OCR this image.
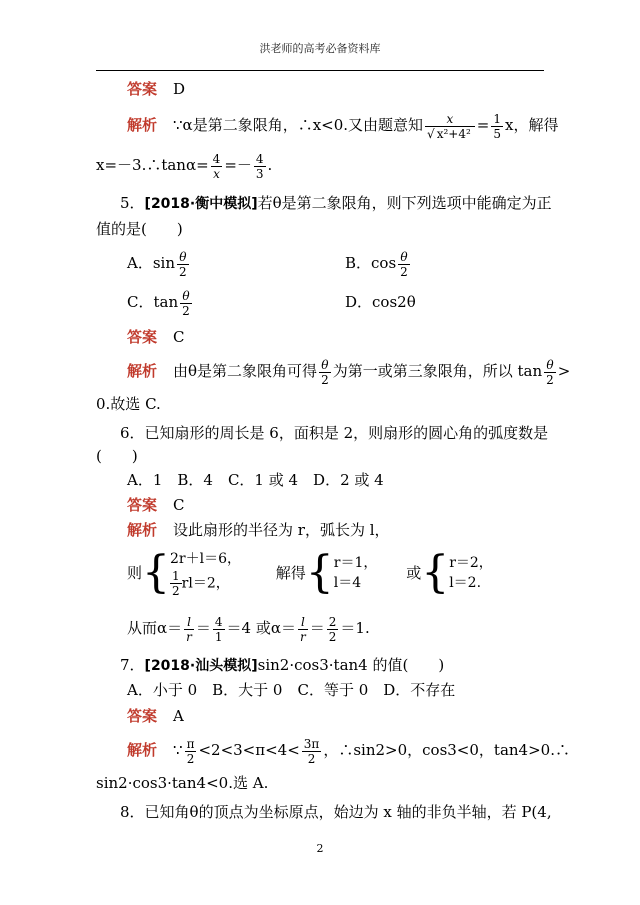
洪老师的高考必备资料库
答案 D
解析 ∵α是第二象限角，∴x<0.又由题意知 $\frac{x}{\text{√ x²+4²}} = \frac{1}{5}$ x，解得
x=－3.∴tanα= $\frac{4}{x} =- \frac{4}{3}$ .
5．[2018·衡中模拟]若θ是第二象限角，则下列选项中能确定为正
值的是(　　)
A．$\sin \frac{\theta}{2}$	B．$\cos \frac{\theta}{2}$
C．$\tan \frac{\theta}{2}$	D．cos2θ
答案 C
解析 由θ是第二象限角可得 $\frac{\theta}{2}$ 为第一或第三象限角，所以 $\tan \frac{\theta}{2}$ >
0.故选 C.
6．已知扇形的周长是 6，面积是 2，则扇形的圆心角的弧度数是
(　　)
A．1　B．4　C．1 或 4　D．2 或 4
答案 C
解析 设此扇形的半径为 r，弧长为 l，
则{ 2r＋l＝6，
$\frac{1}{2} rl=2$，
解得{ r＝1，
l＝4
或{ r＝2，
l＝2.
从而$\alpha= \frac{l}{r} = \frac{4}{1} =4$ 或$\alpha= \frac{l}{r} = \frac{2}{2} =1$.
7．[2018·汕头模拟]sin2·cos3·tan4 的值(　　)
A．小于 0　B．大于 0　C．等于 0　D．不存在
答案 A
解析 ∵ $\frac{\pi}{2} <2<3<\pi<4< \frac{3\pi}{2}$ ，∴sin2>0，cos3<0，tan4>0.∴
sin2·cos3·tan4<0.选 A.
8．已知角θ的顶点为坐标原点，始边为 x 轴的非负半轴，若 P(4,
2
